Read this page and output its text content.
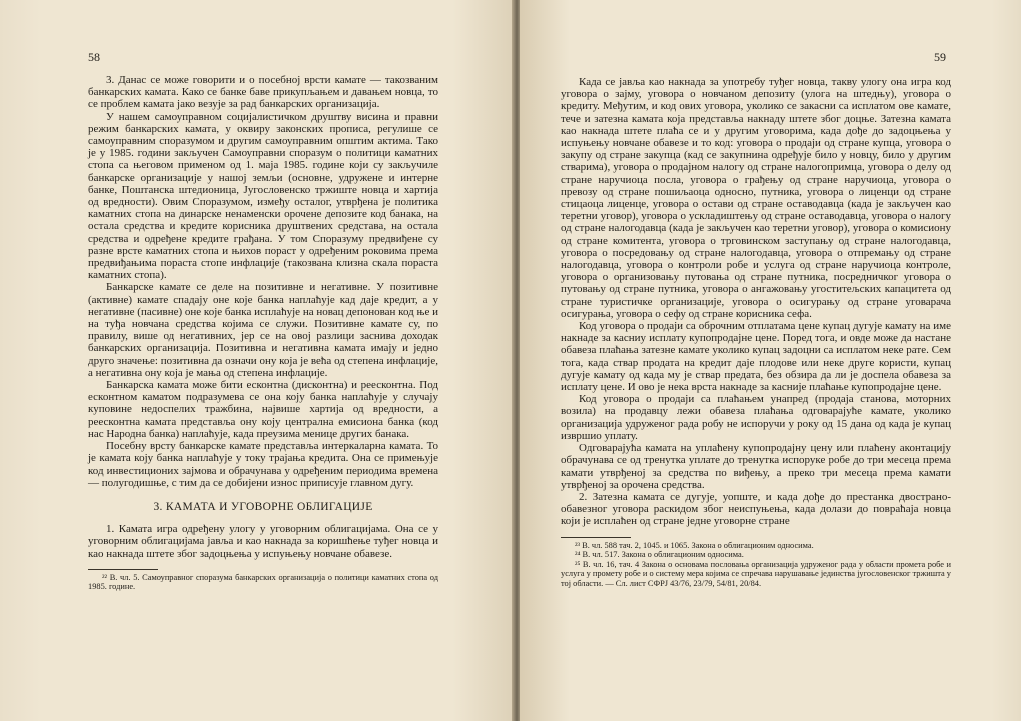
58

3. Данас се може говорити и о посебној врсти камате — такозваним банкарских камата. Како се банке баве прикупљањем и давањем новца, то се проблем камата јако везује за рад банкарских организација.

У нашем самоуправном социјалистичком друштву висина и правни режим банкарских камата, у оквиру законских прописа, регулише се самоуправним споразумом и другим самоуправним општим актима. Тако је у 1985. години закључен Самоуправни споразум о политици каматних стопа са његовом применом од 1. маја 1985. године који су закључиле банкарске организације у нашој земљи (основне, удружене и интерне банке, Поштанска штедионица, Југословенско тржиште новца и хартија од вредности). Овим Споразумом, између осталог, утврђена је политика каматних стопа на динарске ненаменски орочене депозите код банака, на остала средства и кредите корисника друштвених средстава, на остала средства и одређене кредите грађана. У том Споразуму предвиђене су разне врсте каматних стопа и њихов пораст у одређеним роковима према предвиђањима пораста стопе инфлације (такозвана клизна скала пораста каматних стопа).

Банкарске камате се деле на позитивне и негативне. У позитивне (активне) камате спадају оне које банка наплаћује кад даје кредит, а у негативне (пасивне) оне које банка исплаћује на новац депонован код ње и на туђа новчана средства којима се служи. Позитивне камате су, по правилу, више од негативних, јер се на овој разлици заснива доходак банкарских организација. Позитивна и негативна камата имају и једно друго значење: позитивна да означи ону која је већа од степена инфлације, а негативна ону која је мања од степена инфлације.

Банкарска камата може бити есконтна (дисконтна) и реесконтна. Под есконтном каматом подразумева се она коју банка наплаћује у случају куповине недоспелих тражбина, највише хартија од вредности, а реесконтна камата представља ону коју централна емисиона банка (код нас Народна банка) наплаћује, када преузима менице других банака.

Посебну врсту банкарске камате представља интеркаларна камата. То је камата коју банка наплаћује у току трајања кредита. Она се примењује код инвестиционих зајмова и обрачунава у одређеним периодима времена — полугодишње, с тим да се добијени износ приписује главном дугу.

3. КАМАТА И УГОВОРНЕ ОБЛИГАЦИЈЕ

1. Камата игра одређену улогу у уговорним облигацијама. Она се у уговорним облигацијама јавља и као накнада за коришћење туђег новца и као накнада штете због задоцњења у испуњењу новчане обавезе.

²² В. чл. 5. Самоуправног споразума банкарских организација о политици каматних стопа од 1985. године.

59

Када се јавља као накнада за употребу туђег новца, такву улогу она игра код уговора о зајму, уговора о новчаном депозиту (улога на штедњу), уговора о кредиту. Међутим, и код ових уговора, уколико се закасни са исплатом ове камате, тече и затезна камата која представља накнаду штете због доцње. Затезна камата као накнада штете плаћа се и у другим уговорима, када дође до задоцњења у испуњењу новчане обавезе и то код: уговора о продаји од стране купца, уговора о закупу од стране закупца (кад се закупнина одређује било у новцу, било у другим стварима), уговора о продајном налогу од стране налогопримца, уговора о делу од стране наручиоца посла, уговора о грађењу од стране наручиоца, уговора о превозу од стране пошиљаоца односно, путника, уговора о лиценци од стране стицаоца лиценце, уговора о остави од стране оставодавца (када је закључен као теретни уговор), уговора о ускладиштењу од стране оставодавца, уговора о налогу од стране налогодавца (када је закључен као теретни уговор), уговора о комисиону од стране комитента, уговора о трговинском заступању од стране налогодавца, уговора о посредовању од стране налогодавца, уговора о отпремању од стране налогодавца, уговора о контроли робе и услуга од стране наручиоца контроле, уговора о организовању путовања од стране путника, посредничког уговора о путовању од стране путника, уговора о ангажовању угоститељских капацитета од стране туристичке организације, уговора о осигурању од стране уговарача осигурања, уговора о сефу од стране корисника сефа.

Код уговора о продаји са оброчним отплатама цене купац дугује камату на име накнаде за касниу исплату купопродајне цене. Поред тога, и овде може да настане обавеза плаћања затезне камате уколико купац задоцни са исплатом неке рате. Сем тога, када ствар продата на кредит даје плодове или неке друге користи, купац дугује камату од када му је ствар предата, без обзира да ли је доспела обавеза за исплату цене. И ово је нека врста накнаде за касније плаћање купопродајне цене.

Код уговора о продаји са плаћањем унапред (продаја станова, моторних возила) на продавцу лежи обавеза плаћања одговарајуће камате, уколико организација удруженог рада робу не испоручи у року од 15 дана од када је купац извршио уплату.

Одговарајућа камата на уплаћену купопродајну цену или плаћену аконтацију обрачунава се од тренутка уплате до тренутка испоруке робе до три месеца према камати утврђеној за средства по виђењу, а преко три месеца према камати утврђеној за орочена средства.

2. Затезна камата се дугује, уопште, и када дође до престанка двострано-обавезног уговора раскидом због неиспуњења, када долази до повраћаја новца који је исплаћен од стране једне уговорне стране

²³ В. чл. 588 тач. 2, 1045. и 1065. Закона о облигационим односима.

²⁴ В. чл. 517. Закона о облигационим односима.

²⁵ В. чл. 16, тач. 4 Закона о основама пословања организација удруженог рада у области промета робе и услуга у промету робе и о систему мера којима се спречава нарушавање јединства југословенског тржишта у тој области. — Сл. лист СФРЈ 43/76, 23/79, 54/81, 20/84.
